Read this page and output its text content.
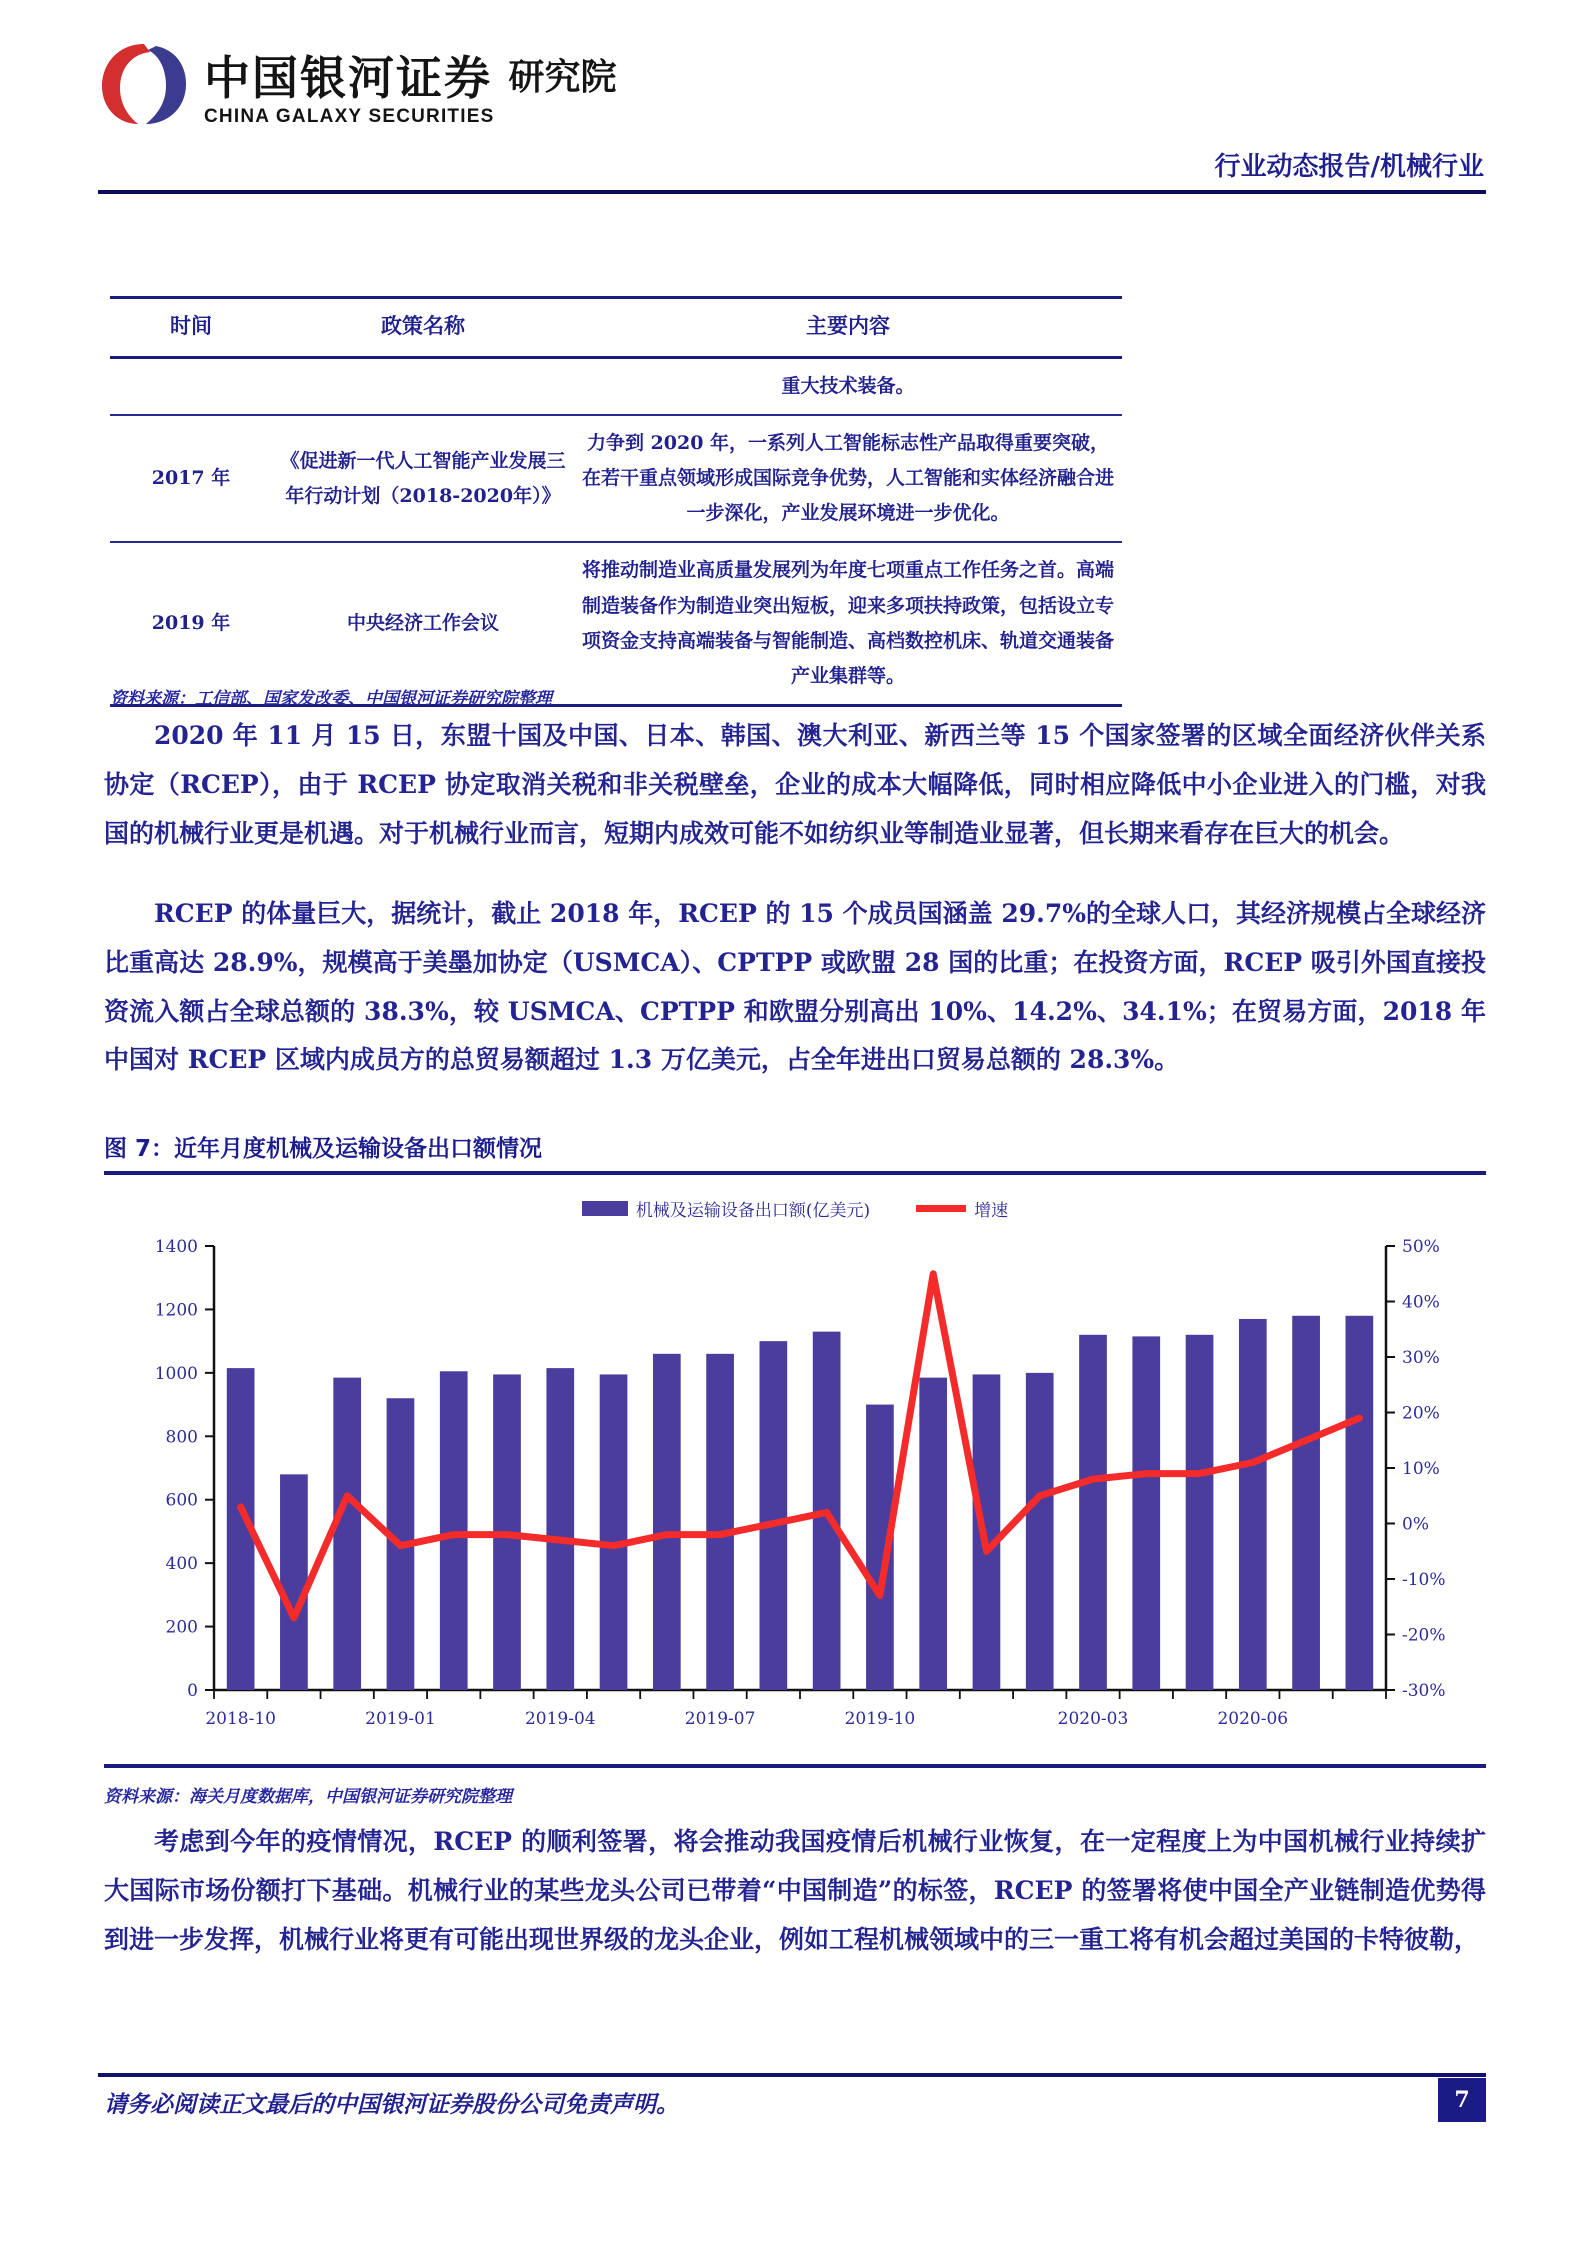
中国银河证券
CHINA GALAXY SECURITIES
研究院
行业动态报告/机械行业
时间	政策名称	主要内容
		重大技术装备。
2017 年	《促进新一代人工智能产业发展三年行动计划（2018-2020年）》	力争到 2020 年，一系列人工智能标志性产品取得重要突破，在若干重点领域形成国际竞争优势，人工智能和实体经济融合进一步深化，产业发展环境进一步优化。
2019 年	中央经济工作会议	将推动制造业高质量发展列为年度七项重点工作任务之首。高端制造装备作为制造业突出短板，迎来多项扶持政策，包括设立专项资金支持高端装备与智能制造、高档数控机床、轨道交通装备产业集群等。
资料来源：工信部、国家发改委、中国银河证券研究院整理
2020 年 11 月 15 日，东盟十国及中国、日本、韩国、澳大利亚、新西兰等 15 个国家签署的区域全面经济伙伴关系协定（RCEP），由于 RCEP 协定取消关税和非关税壁垒，企业的成本大幅降低，同时相应降低中小企业进入的门槛，对我国的机械行业更是机遇。对于机械行业而言，短期内成效可能不如纺织业等制造业显著，但长期来看存在巨大的机会。
RCEP 的体量巨大，据统计，截止 2018 年，RCEP 的 15 个成员国涵盖 29.7%的全球人口，其经济规模占全球经济比重高达 28.9%，规模高于美墨加协定（USMCA）、CPTPP 或欧盟 28 国的比重；在投资方面，RCEP 吸引外国直接投资流入额占全球总额的 38.3%，较 USMCA、CPTPP 和欧盟分别高出 10%、14.2%、34.1%；在贸易方面，2018 年中国对 RCEP 区域内成员方的总贸易额超过 1.3 万亿美元，占全年进出口贸易总额的 28.3%。
图 7：近年月度机械及运输设备出口额情况
机械及运输设备出口额(亿美元)	增速
0
200
400
600
800
1000
1200
1400
-30%
-20%
-10%
0%
10%
20%
30%
40%
50%
2018-10	2019-01	2019-04	2019-07	2019-10	2020-03	2020-06
资料来源：海关月度数据库，中国银河证券研究院整理
考虑到今年的疫情情况，RCEP 的顺利签署，将会推动我国疫情后机械行业恢复，在一定程度上为中国机械行业持续扩大国际市场份额打下基础。机械行业的某些龙头公司已带着“中国制造”的标签，RCEP 的签署将使中国全产业链制造优势得到进一步发挥，机械行业将更有可能出现世界级的龙头企业，例如工程机械领域中的三一重工将有机会超过美国的卡特彼勒，
请务必阅读正文最后的中国银河证券股份公司免责声明。	7
